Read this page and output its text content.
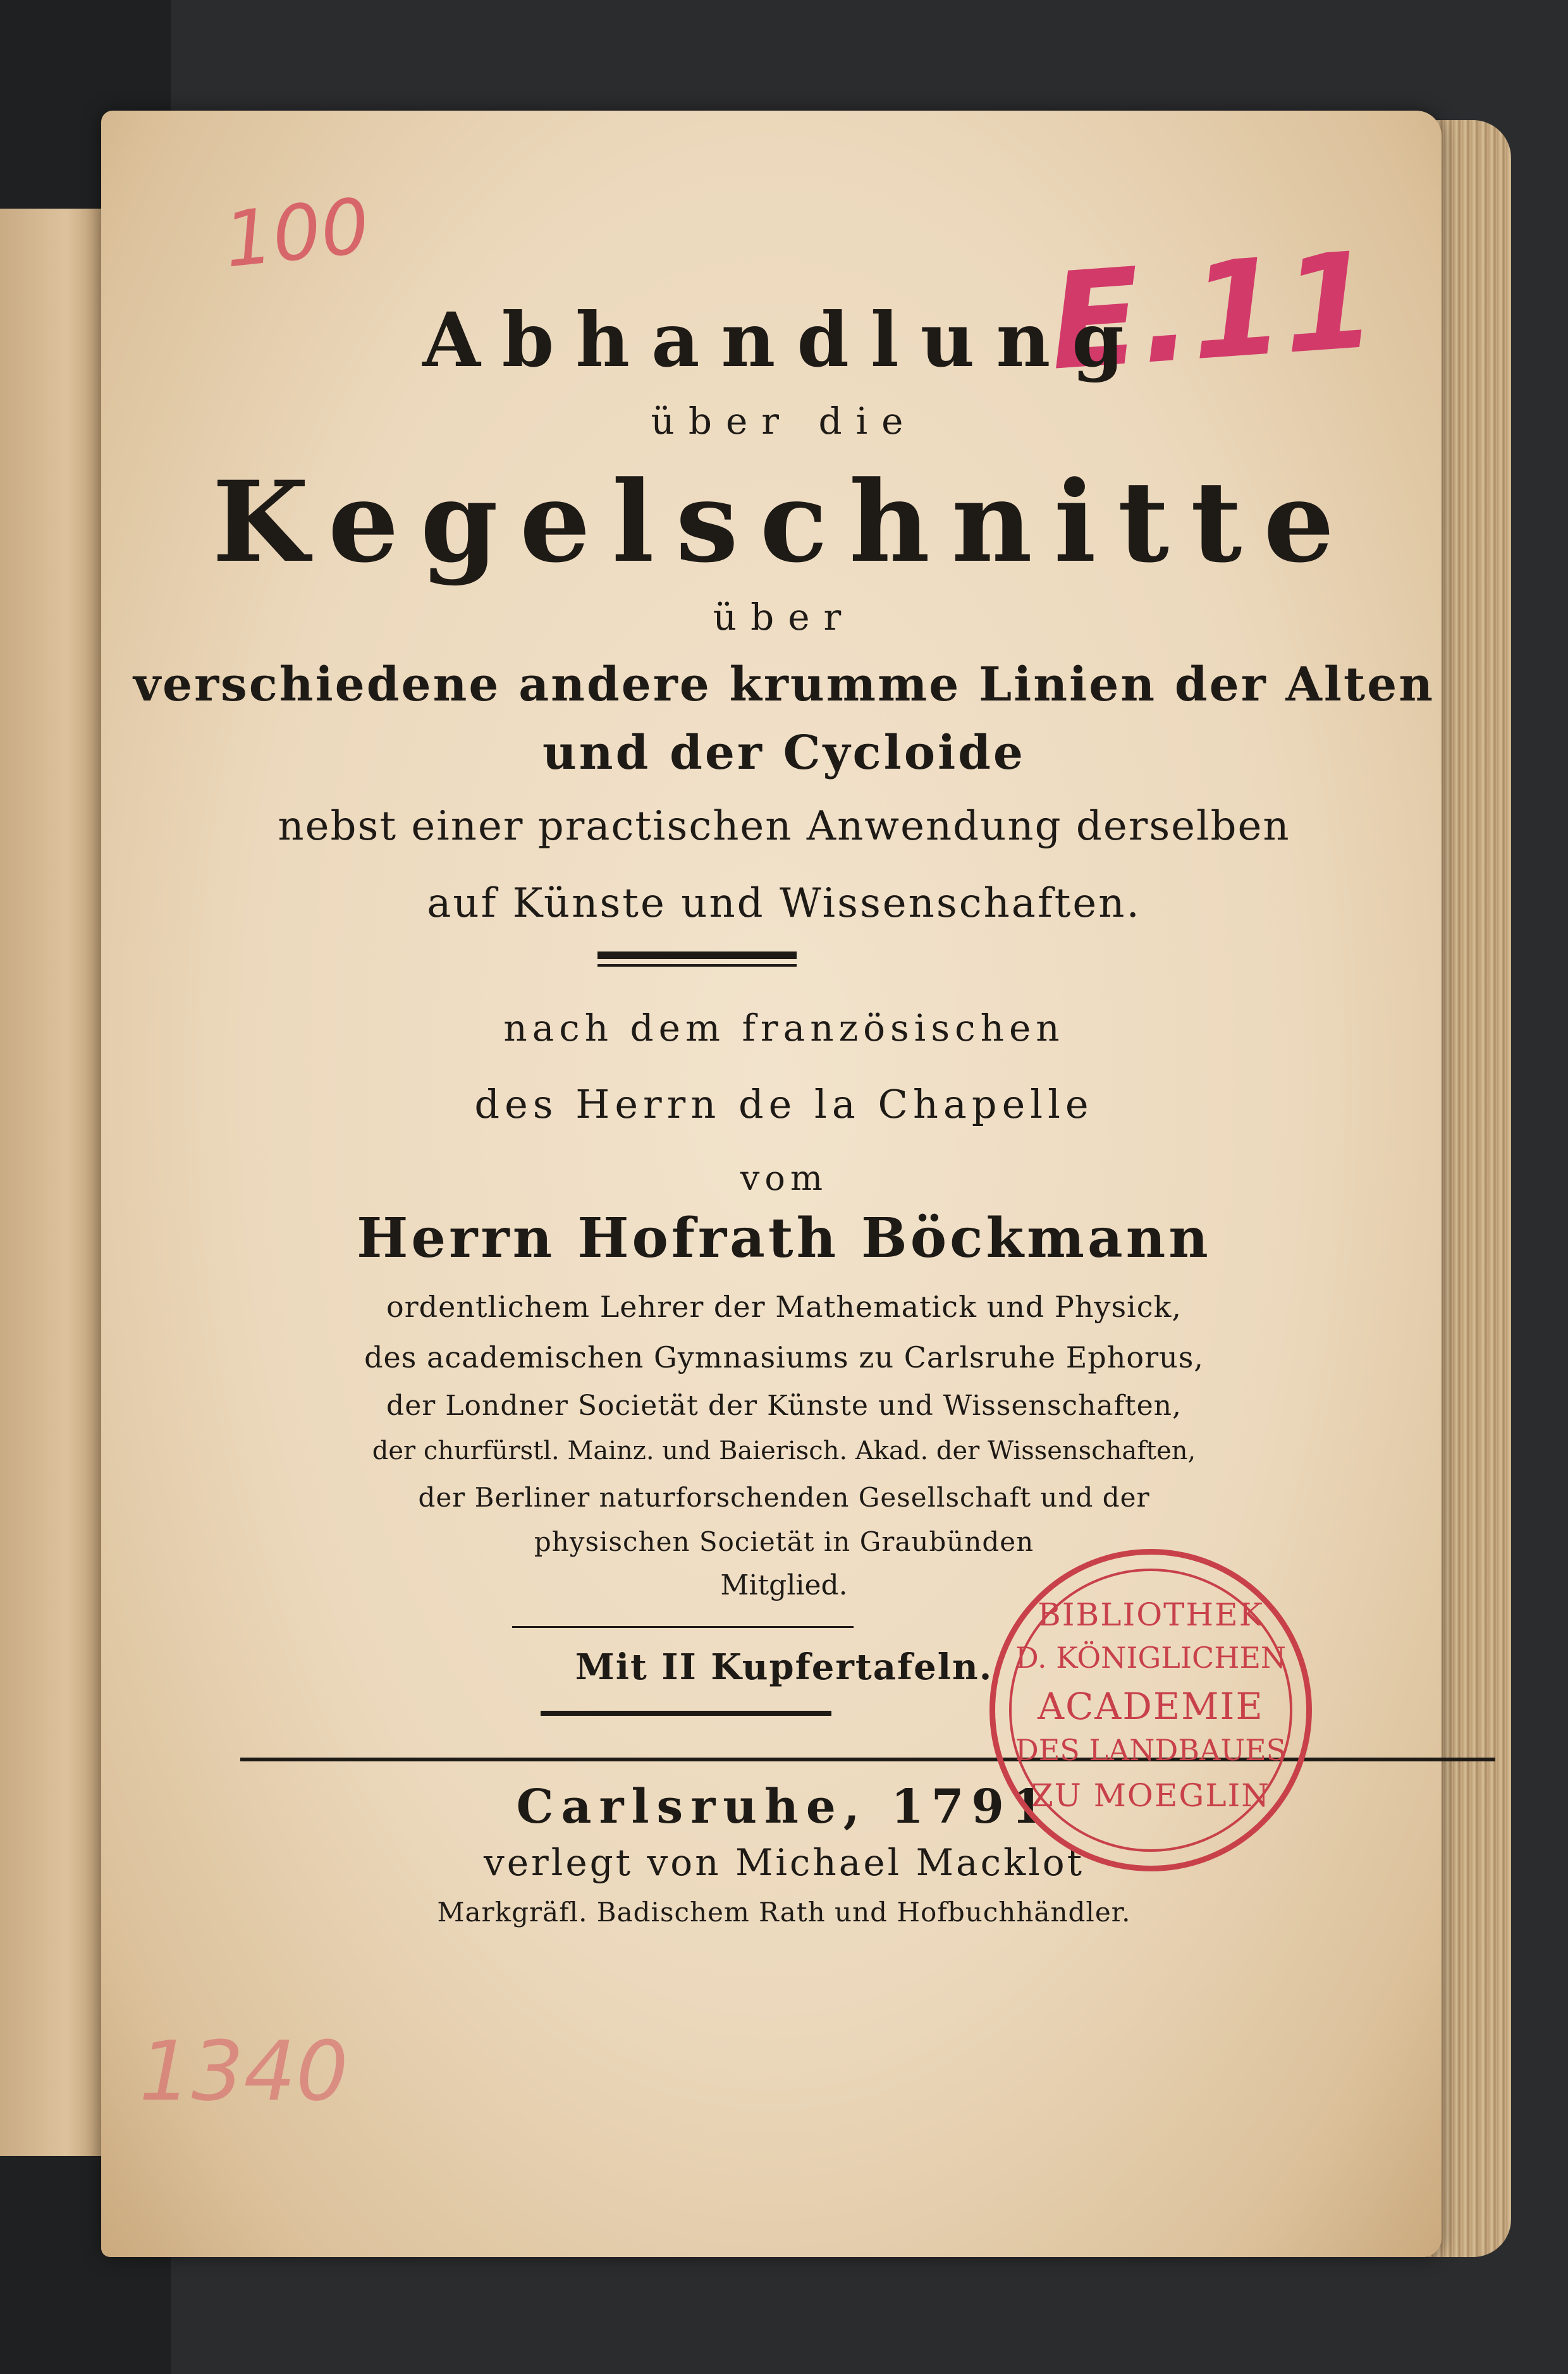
100	E.11
1340
Abhandlung
über die
Kegelschnitte
über
verschiedene andere krumme Linien der Alten
und der Cycloide
nebst einer practischen Anwendung derselben
auf Künste und Wissenschaften.
nach dem französischen
des Herrn de la Chapelle
vom
Herrn Hofrath Böckmann
ordentlichem Lehrer der Mathematick und Physick,
des academischen Gymnasiums zu Carlsruhe Ephorus,
der Londner Societät der Künste und Wissenschaften,
der churfürstl. Mainz. und Baierisch. Akad. der Wissenschaften,
der Berliner naturforschenden Gesellschaft und der
physischen Societät in Graubünden
Mitglied.
Mit II Kupfertafeln.
Carlsruhe, 1791
verlegt von Michael Macklot
Markgräfl. Badischem Rath und Hofbuchhändler.
BIBLIOTHEK
D. KÖNIGLICHEN
ACADEMIE
DES LANDBAUES
ZU MOEGLIN
